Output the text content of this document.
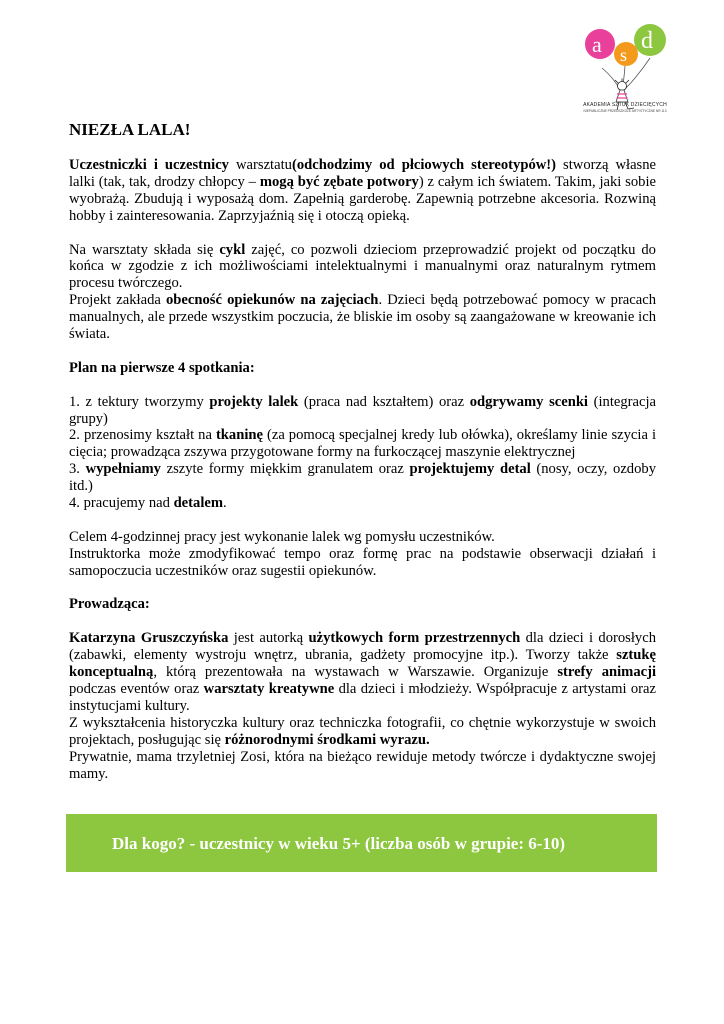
a s
d
AKADEMIA SZTUK DZIECIĘCYCH
NIEPUBLICZNE PRZEDSZKOLE ARTYSTYCZNE NR 113
NIEZŁA LALA!

Uczestniczki i uczestnicy warsztatu(odchodzimy od płciowych stereotypów!) stworzą własne lalki (tak, tak, drodzy chłopcy – mogą być zębate potwory) z całym ich światem. Takim, jaki sobie wyobrażą. Zbudują i wyposażą dom. Zapełnią garderobę. Zapewnią potrzebne akcesoria. Rozwiną hobby i zainteresowania. Zaprzyjaźnią się i otoczą opieką.

Na warsztaty składa się cykl zajęć, co pozwoli dzieciom przeprowadzić projekt od początku do końca w zgodzie z ich możliwościami intelektualnymi i manualnymi oraz naturalnym rytmem procesu twórczego.

Projekt zakłada obecność opiekunów na zajęciach. Dzieci będą potrzebować pomocy w pracach manualnych, ale przede wszystkim poczucia, że bliskie im osoby są zaangażowane w kreowanie ich świata.

Plan na pierwsze 4 spotkania:

1. z tektury tworzymy projekty lalek (praca nad kształtem) oraz odgrywamy scenki (integracja grupy)

2. przenosimy kształt na tkaninę (za pomocą specjalnej kredy lub ołówka), określamy linie szycia i cięcia; prowadząca zszywa przygotowane formy na furkoczącej maszynie elektrycznej

3. wypełniamy zszyte formy miękkim granulatem oraz projektujemy detal (nosy, oczy, ozdoby itd.)

4. pracujemy nad detalem.

Celem 4-godzinnej pracy jest wykonanie lalek wg pomysłu uczestników.

Instruktorka może zmodyfikować tempo oraz formę prac na podstawie obserwacji działań i samopoczucia uczestników oraz sugestii opiekunów.

Prowadząca:

Katarzyna Gruszczyńska jest autorką użytkowych form przestrzennych dla dzieci i dorosłych (zabawki, elementy wystroju wnętrz, ubrania, gadżety promocyjne itp.). Tworzy także sztukę konceptualną, którą prezentowała na wystawach w Warszawie. Organizuje strefy animacji podczas eventów oraz warsztaty kreatywne dla dzieci i młodzieży. Współpracuje z artystami oraz instytucjami kultury.

Z wykształcenia historyczka kultury oraz techniczka fotografii, co chętnie wykorzystuje w swoich projektach, posługując się różnorodnymi środkami wyrazu.

Prywatnie, mama trzyletniej Zosi, która na bieżąco rewiduje metody twórcze i dydaktyczne swojej mamy.

Dla kogo? - uczestnicy w wieku 5+ (liczba osób w grupie: 6-10)
